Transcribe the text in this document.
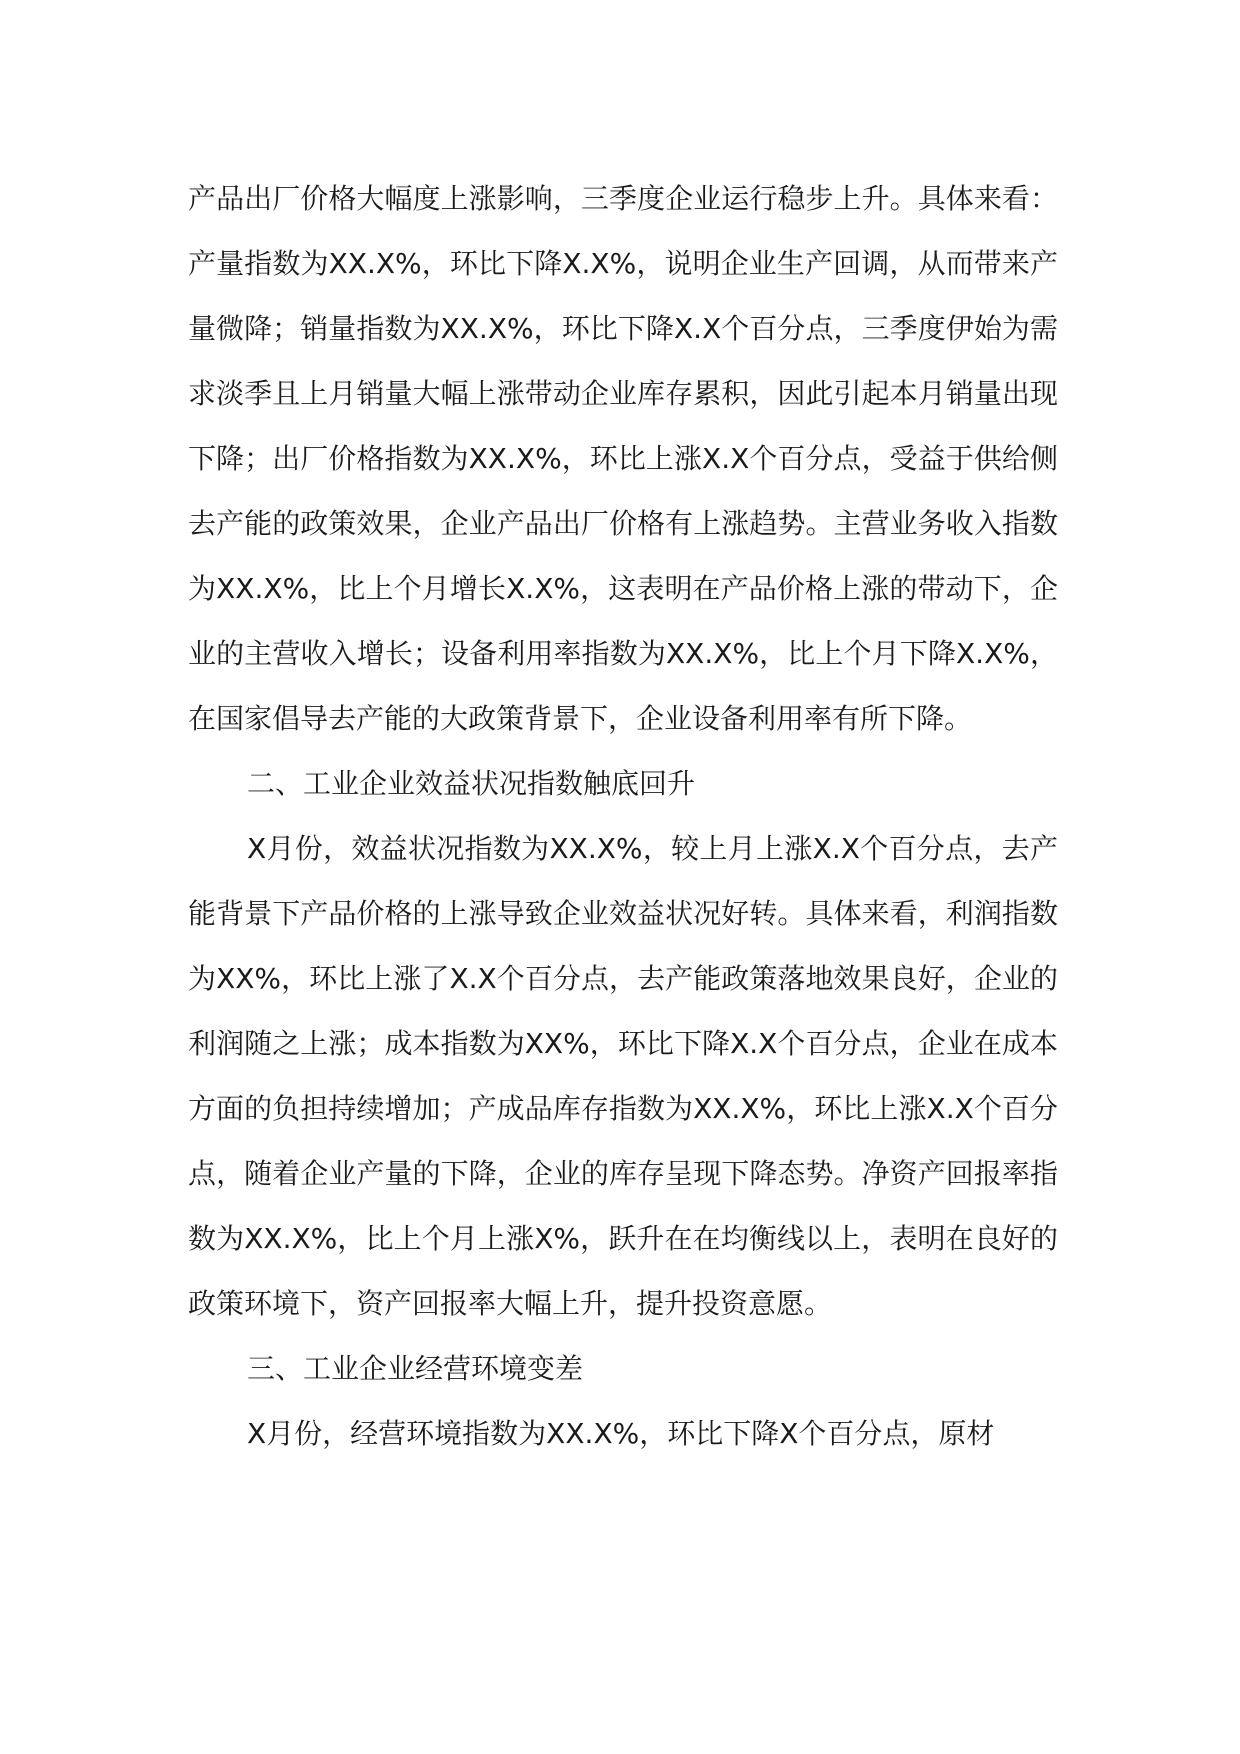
产品出厂价格大幅度上涨影响，三季度企业运行稳步上升。具体来看：产量指数为XX.X%，环比下降X.X%，说明企业生产回调，从而带来产量微降；销量指数为XX.X%，环比下降X.X个百分点，三季度伊始为需求淡季且上月销量大幅上涨带动企业库存累积，因此引起本月销量出现下降；出厂价格指数为XX.X%，环比上涨X.X个百分点，受益于供给侧去产能的政策效果，企业产品出厂价格有上涨趋势。主营业务收入指数为XX.X%，比上个月增长X.X%，这表明在产品价格上涨的带动下，企业的主营收入增长；设备利用率指数为XX.X%，比上个月下降X.X%，在国家倡导去产能的大政策背景下，企业设备利用率有所下降。

二、工业企业效益状况指数触底回升

X月份，效益状况指数为XX.X%，较上月上涨X.X个百分点，去产能背景下产品价格的上涨导致企业效益状况好转。具体来看，利润指数为XX%，环比上涨了X.X个百分点，去产能政策落地效果良好，企业的利润随之上涨；成本指数为XX%，环比下降X.X个百分点，企业在成本方面的负担持续增加；产成品库存指数为XX.X%，环比上涨X.X个百分点，随着企业产量的下降，企业的库存呈现下降态势。净资产回报率指数为XX.X%，比上个月上涨X%，跃升在在均衡线以上，表明在良好的政策环境下，资产回报率大幅上升，提升投资意愿。

三、工业企业经营环境变差

X月份，经营环境指数为XX.X%，环比下降X个百分点，原材
